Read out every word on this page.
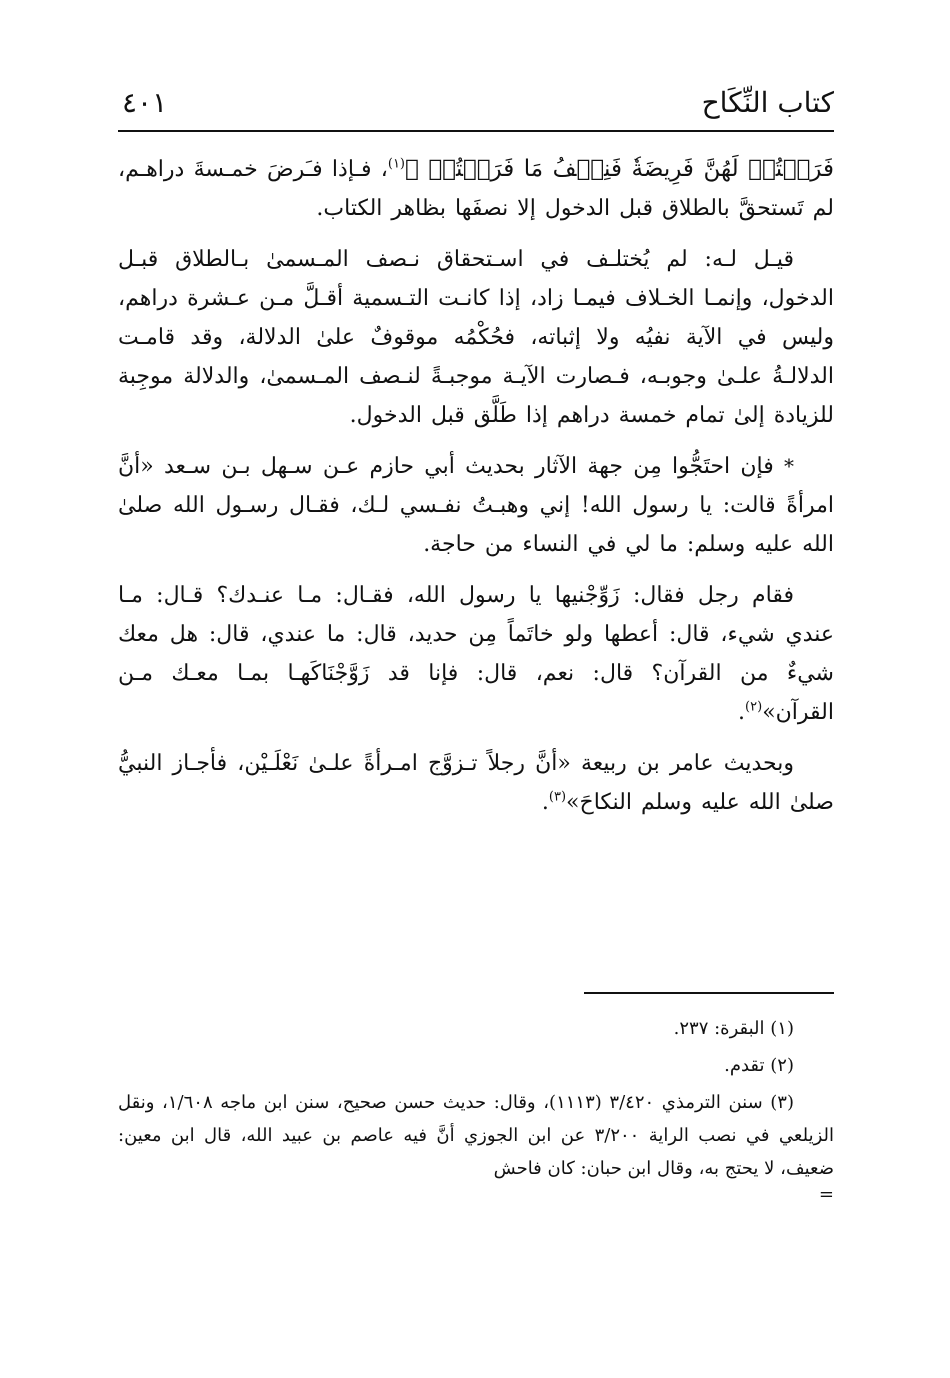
كتاب النِّكَاح
٤٠١

فَرَضۡتُمۡ لَهُنَّ فَرِيضَةٗ فَنِصۡفُ مَا فَرَضۡتُمۡ ﴾$^{(١)}$، فـإذا فـَرضَ خمـسةَ دراهـم، لم تَستحقَّ بالطلاق قبل الدخول إلا نصفَها بظاهر الكتاب.

قيـل لـه: لم يُختلـف في اسـتحقاق نـصف المـسمىٰ بـالطلاق قبـل الدخول، وإنمـا الخـلاف فيمـا زاد، إذا كانـت التـسمية أقـلَّ مـن عـشرة دراهم، وليس في الآية نفيُه ولا إثباته، فحُكْمُه موقوفٌ علىٰ الدلالة، وقد قامـت الدلالـةُ علـىٰ وجوبـه، فـصارت الآيـة موجبـةً لنـصف المـسمىٰ، والدلالة موجِبة للزيادة إلىٰ تمام خمسة دراهم إذا طَلَّق قبل الدخول.

* فإن احتَجُّوا مِن جهة الآثار بحديث أبي حازم عـن سـهل بـن سـعد «أنَّ امرأةً قالت: يا رسول الله! إني وهبـتُ نفـسي لـك، فقـال رسـول الله صلىٰ الله عليه وسلم: ما لي في النساء من حاجة.

فقام رجل فقال: زَوِّجْنيها يا رسول الله، فقـال: مـا عنـدك؟ قـال: مـا عندي شيء، قال: أعطها ولو خاتَماً مِن حديد، قال: ما عندي، قال: هل معك شيءٌ من القرآن؟ قال: نعم، قال: فإنا قد زَوَّجْنَاكَهـا بمـا معـك مـن القرآن»$^{(٢)}$.

وبحديث عامر بن ربيعة «أنَّ رجلاً تـزوَّج امـرأةً علـىٰ نَعْلَـيْن، فأجـاز النبيُّ صلىٰ الله عليه وسلم النكاحَ»$^{(٣)}$.

(١) البقرة: ٢٣٧.

(٢) تقدم.

(٣) سنن الترمذي ٣/٤٢٠ (١١١٣)، وقال: حديث حسن صحيح، سنن ابن ماجه ١/٦٠٨، ونقل الزيلعي في نصب الراية ٣/٢٠٠ عن ابن الجوزي أنَّ فيه عاصم بن عبيد الله، قال ابن معين: ضعيف، لا يحتج به، وقال ابن حبان: كان فاحش

=
